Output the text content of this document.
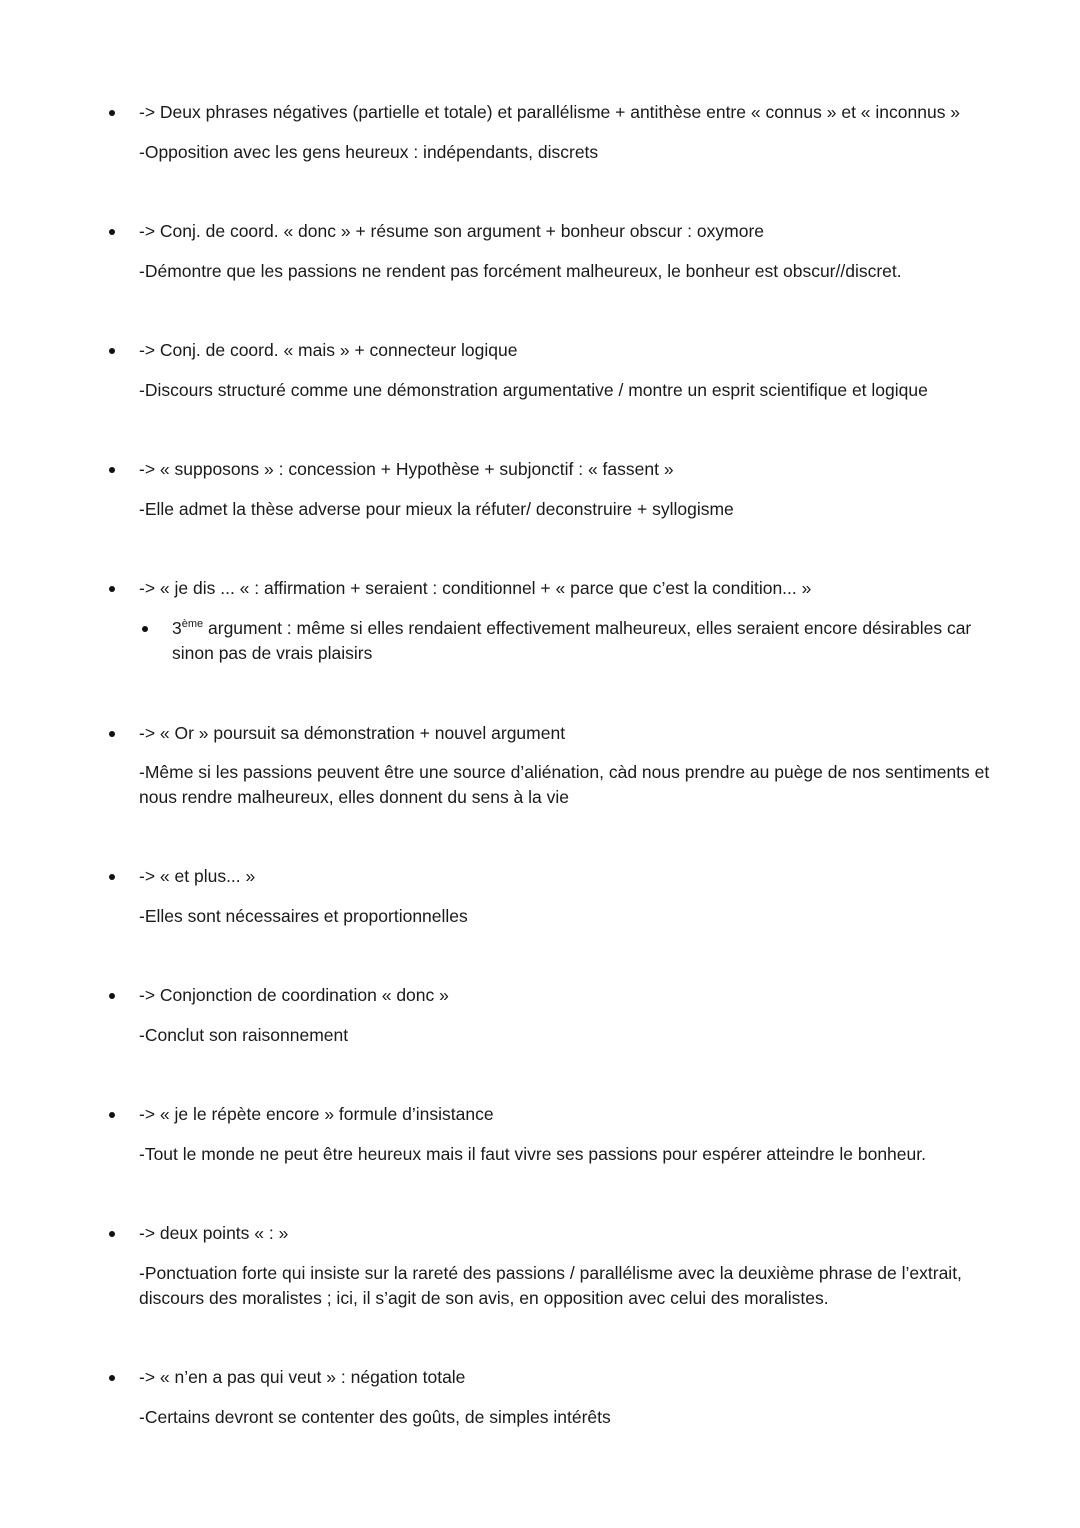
-> Deux phrases négatives (partielle et totale) et parallélisme + antithèse entre « connus » et « inconnus »
-Opposition avec les gens heureux : indépendants, discrets
-> Conj. de coord. « donc » + résume son argument + bonheur obscur : oxymore
-Démontre que les passions ne rendent pas forcément malheureux, le bonheur est obscur//discret.
-> Conj. de coord. « mais » + connecteur logique
-Discours structuré comme une démonstration argumentative / montre un esprit scientifique et logique
-> « supposons » : concession + Hypothèse + subjonctif : « fassent »
-Elle admet la thèse adverse pour mieux la réfuter/ deconstruire + syllogisme
-> « je dis ... « : affirmation + seraient : conditionnel + « parce que c’est la condition... »
3ème argument : même si elles rendaient effectivement malheureux, elles seraient encore désirables car sinon pas de vrais plaisirs
-> « Or » poursuit sa démonstration + nouvel argument
-Même si les passions peuvent être une source d’aliénation, càd nous prendre au puège de nos sentiments et nous rendre malheureux, elles donnent du sens à la vie
-> « et plus... »
-Elles sont nécessaires et proportionnelles
-> Conjonction de coordination « donc »
-Conclut son raisonnement
-> « je le répète encore » formule d’insistance
-Tout le monde ne peut être heureux mais il faut vivre ses passions pour espérer atteindre le bonheur.
-> deux points « : »
-Ponctuation forte qui insiste sur la rareté des passions / parallélisme avec la deuxième phrase de l’extrait, discours des moralistes ; ici, il s’agit de son avis, en opposition avec celui des moralistes.
-> « n’en a pas qui veut » : négation totale
-Certains devront se contenter des goûts, de simples intérêts
